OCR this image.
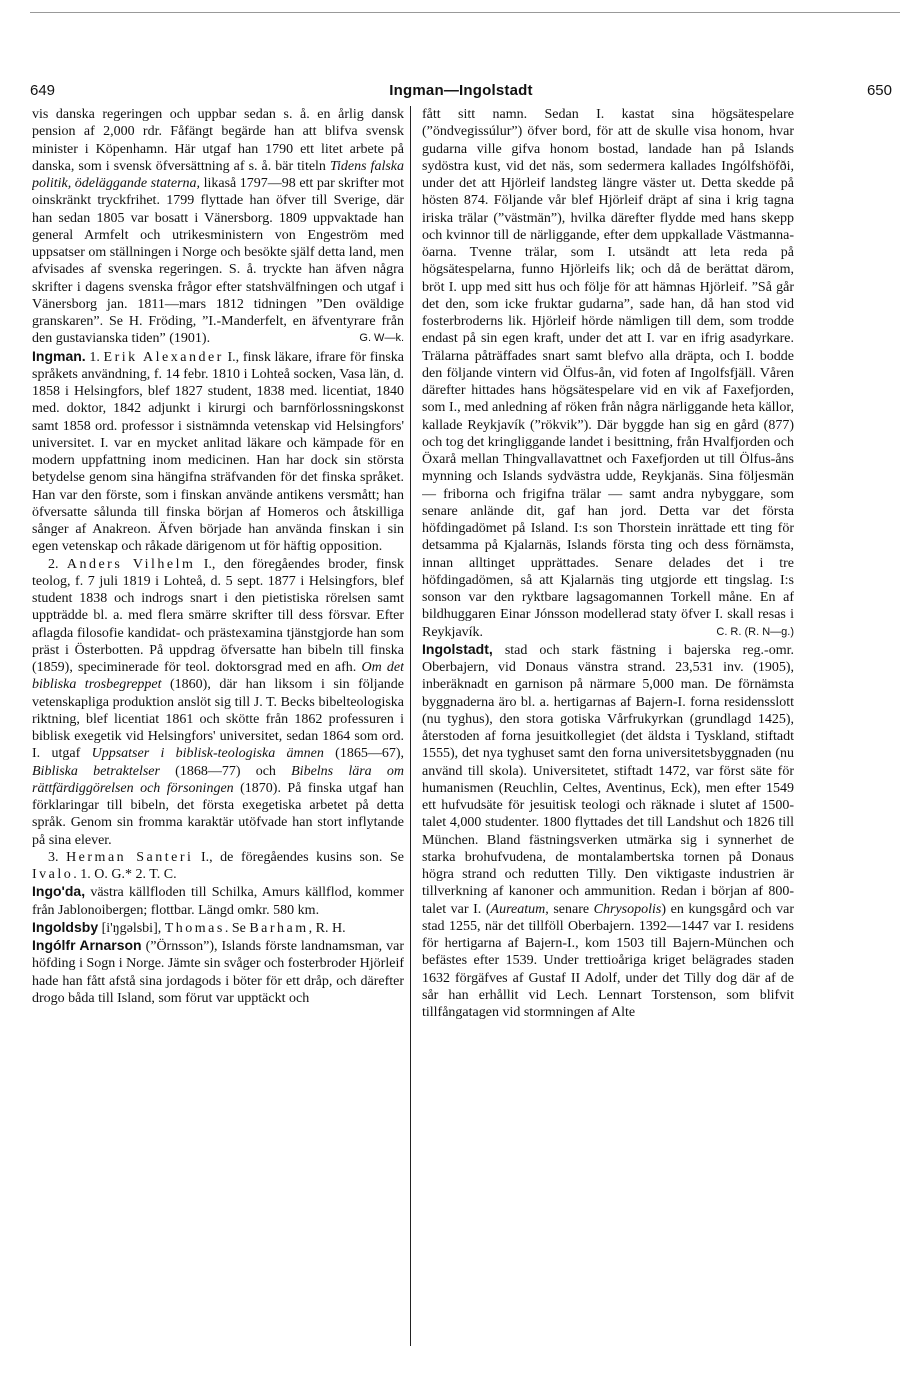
649	Ingman—Ingolstadt	650

vis danska regeringen och uppbar sedan s. å. en årlig dansk pension af 2,000 rdr. Fåfängt begärde han att blifva svensk minister i Köpenhamn. Här utgaf han 1790 ett litet arbete på danska, som i svensk öfversättning af s. å. bär titeln Tidens falska politik, ödeläggande staterna, likaså 1797—98 ett par skrifter mot oinskränkt tryckfrihet. 1799 flyttade han öfver till Sverige, där han sedan 1805 var bosatt i Vänersborg. 1809 uppvaktade han general Armfelt och utrikesministern von Engeström med uppsatser om ställningen i Norge och besökte själf detta land, men afvisades af svenska regeringen. S. å. tryckte han äfven några skrifter i dagens svenska frågor efter statshvälfningen och utgaf i Vänersborg jan. 1811—mars 1812 tidningen ”Den oväldige granskaren”. Se H. Fröding, ”I.-Manderfelt, en äfventyrare från den gustavianska tiden” (1901).	G. W—k.

Ingman. 1. Erik Alexander I., finsk läkare, ifrare för finska språkets användning, f. 14 febr. 1810 i Lohteå socken, Vasa län, d. 1858 i Helsingfors, blef 1827 student, 1838 med. licentiat, 1840 med. doktor, 1842 adjunkt i kirurgi och barnförlossningskonst samt 1858 ord. professor i sistnämnda vetenskap vid Helsingfors' universitet. I. var en mycket anlitad läkare och kämpade för en modern uppfattning inom medicinen. Han har dock sin största betydelse genom sina hängifna sträfvanden för det finska språket. Han var den förste, som i finskan använde antikens versmått; han öfversatte sålunda till finska början af Homeros och åtskilliga sånger af Anakreon. Äfven började han använda finskan i sin egen vetenskap och råkade därigenom ut för häftig opposition.

2. Anders Vilhelm I., den föregåendes broder, finsk teolog, f. 7 juli 1819 i Lohteå, d. 5 sept. 1877 i Helsingfors, blef student 1838 och indrogs snart i den pietistiska rörelsen samt uppträdde bl. a. med flera smärre skrifter till dess försvar. Efter aflagda filosofie kandidat- och prästexamina tjänstgjorde han som präst i Österbotten. På uppdrag öfversatte han bibeln till finska (1859), speciminerade för teol. doktorsgrad med en afh. Om det bibliska trosbegreppet (1860), där han liksom i sin följande vetenskapliga produktion anslöt sig till J. T. Becks bibelteologiska riktning, blef licentiat 1861 och skötte från 1862 professuren i biblisk exegetik vid Helsingfors' universitet, sedan 1864 som ord. I. utgaf Uppsatser i biblisk-teologiska ämnen (1865—67), Bibliska betraktelser (1868—77) och Bibelns lära om rättfärdiggörelsen och försoningen (1870). På finska utgaf han förklaringar till bibeln, det första exegetiska arbetet på detta språk. Genom sin fromma karaktär utöfvade han stort inflytande på sina elever.

3. Herman Santeri I., de föregåendes kusins son. Se Ivalo. 1. O. G.* 2. T. C.

Ingo'da, västra källfloden till Schilka, Amurs källflod, kommer från Jablonoibergen; flottbar. Längd omkr. 580 km.

Ingoldsby [i'ŋgəlsbi], Thomas. Se Barham, R. H.

Ingólfr Arnarson (”Örnsson”), Islands förste landnamsman, var höfding i Sogn i Norge. Jämte sin svåger och fosterbroder Hjörleif hade han fått afstå sina jordagods i böter för ett dråp, och därefter drogo båda till Island, som förut var upptäckt och

fått sitt namn. Sedan I. kastat sina högsätespelare (”öndvegissúlur”) öfver bord, för att de skulle visa honom, hvar gudarna ville gifva honom bostad, landade han på Islands sydöstra kust, vid det näs, som sedermera kallades Ingólfshöfði, under det att Hjörleif landsteg längre väster ut. Detta skedde på hösten 874. Följande vår blef Hjörleif dräpt af sina i krig tagna iriska trälar (”västmän”), hvilka därefter flydde med hans skepp och kvinnor till de närliggande, efter dem uppkallade Västmanna-öarna. Tvenne trälar, som I. utsändt att leta reda på högsätespelarna, funno Hjörleifs lik; och då de berättat därom, bröt I. upp med sitt hus och följe för att hämnas Hjörleif. ”Så går det den, som icke fruktar gudarna”, sade han, då han stod vid fosterbroderns lik. Hjörleif hörde nämligen till dem, som trodde endast på sin egen kraft, under det att I. var en ifrig asadyrkare. Trälarna påträffades snart samt blefvo alla dräpta, och I. bodde den följande vintern vid Ölfus-ån, vid foten af Ingolfsfjäll. Våren därefter hittades hans högsätespelare vid en vik af Faxefjorden, som I., med anledning af röken från några närliggande heta källor, kallade Reykjavík (”rökvik”). Där byggde han sig en gård (877) och tog det kringliggande landet i besittning, från Hvalfjorden och Öxarå mellan Thingvallavattnet och Faxefjorden ut till Ölfus-åns mynning och Islands sydvästra udde, Reykjanäs. Sina följesmän — friborna och frigifna trälar — samt andra nybyggare, som senare anlände dit, gaf han jord. Detta var det första höfdingadömet på Island. I:s son Thorstein inrättade ett ting för detsamma på Kjalarnäs, Islands första ting och dess förnämsta, innan alltinget upprättades. Senare delades det i tre höfdingadömen, så att Kjalarnäs ting utgjorde ett tingslag. I:s sonson var den ryktbare lagsagomannen Torkell måne. En af bildhuggaren Einar Jónsson modellerad staty öfver I. skall resas i Reykjavík.	C. R. (R. N—g.)

Ingolstadt, stad och stark fästning i bajerska reg.-omr. Oberbajern, vid Donaus vänstra strand. 23,531 inv. (1905), inberäknadt en garnison på närmare 5,000 man. De förnämsta byggnaderna äro bl. a. hertigarnas af Bajern-I. forna residensslott (nu tyghus), den stora gotiska Vårfrukyrkan (grundlagd 1425), återstoden af forna jesuitkollegiet (det äldsta i Tyskland, stiftadt 1555), det nya tyghuset samt den forna universitetsbyggnaden (nu använd till skola). Universitetet, stiftadt 1472, var först säte för humanismen (Reuchlin, Celtes, Aventinus, Eck), men efter 1549 ett hufvudsäte för jesuitisk teologi och räknade i slutet af 1500-talet 4,000 studenter. 1800 flyttades det till Landshut och 1826 till München. Bland fästningsverken utmärka sig i synnerhet de starka brohufvudena, de montalambertska tornen på Donaus högra strand och redutten Tilly. Den viktigaste industrien är tillverkning af kanoner och ammunition. Redan i början af 800-talet var I. (Aureatum, senare Chrysopolis) en kungsgård och var stad 1255, när det tillföll Oberbajern. 1392—1447 var I. residens för hertigarna af Bajern-I., kom 1503 till Bajern-München och befästes efter 1539. Under trettioåriga kriget belägrades staden 1632 förgäfves af Gustaf II Adolf, under det Tilly dog där af de sår han erhållit vid Lech. Lennart Torstenson, som blifvit tillfångatagen vid stormningen af Alte
